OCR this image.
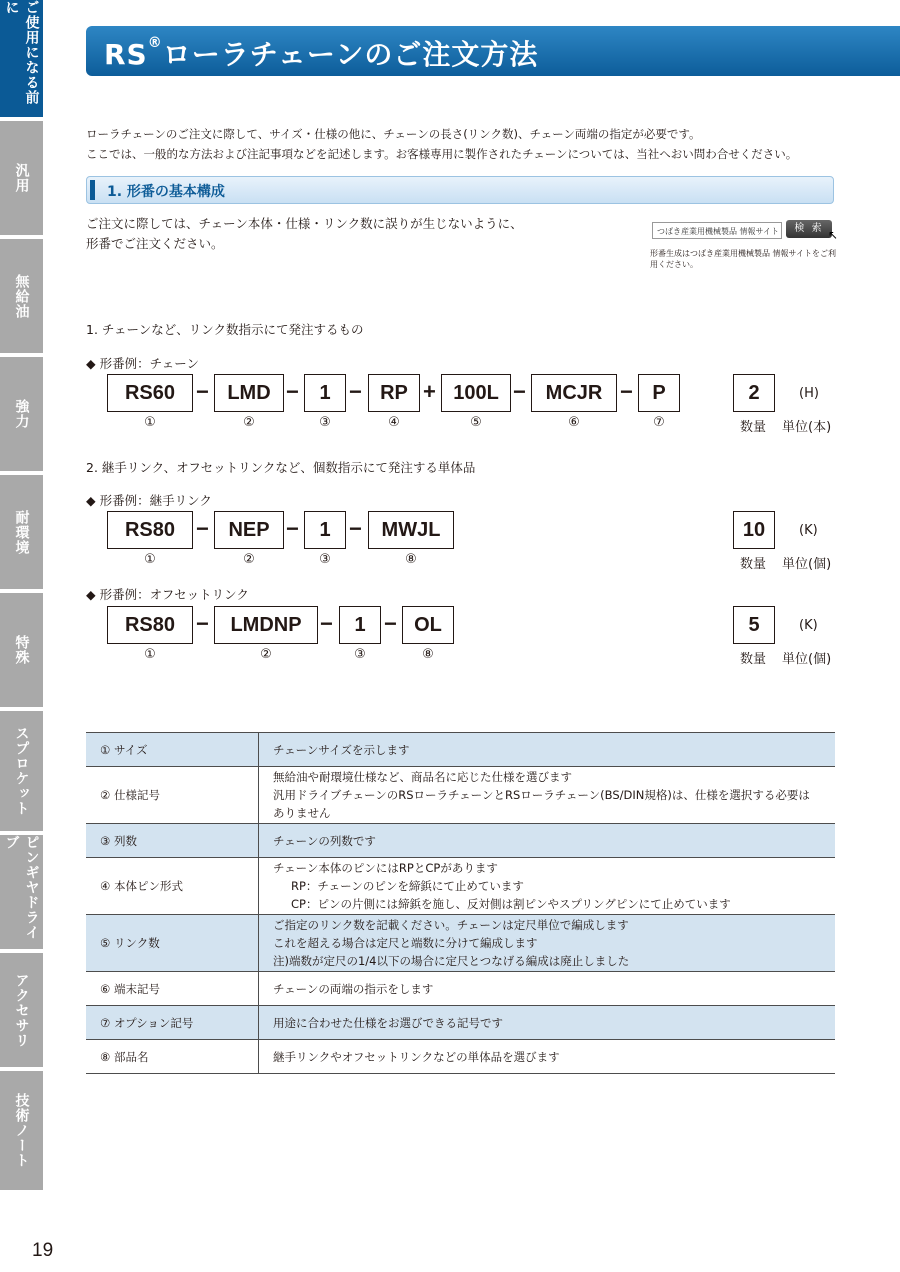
ご使用になる前に
汎用
無給油
強力
耐環境
特殊
スプロケット
ピンギヤドライブ
アクセサリ
技術ノート
19
RS®ローラチェーンのご注文方法
ローラチェーンのご注文に際して、サイズ・仕様の他に、チェーンの長さ(リンク数)、チェーン両端の指定が必要です。
ここでは、一般的な方法および注記事項などを記述します。お客様専用に製作されたチェーンについては、当社へおい問わ合せください。
1. 形番の基本構成
ご注文に際しては、チェーン本体・仕様・リンク数に誤りが生じないように、
形番でご注文ください。
つばき産業用機械製品 情報サイト	検 索 ↖
形番生成はつばき産業用機械製品 情報サイトをご利用ください。
1. チェーンなど、リンク数指示にて発注するもの
◆ 形番例：チェーン
RS60 − LMD −	1 − RP + 100L − MCJR − P	2	(H)
①	②	③	④	⑤	⑥	⑦	数量 単位(本)
2. 継手リンク、オフセットリンクなど、個数指示にて発注する単体品
◆ 形番例：継手リンク
RS80 − NEP −	1 − MWJL	10	(K)
①	②	③	⑧	数量 単位(個)
◆ 形番例：オフセットリンク
RS80 −	LMDNP −	1 − OL	5	(K)
①	②	③	⑧	数量 単位(個)
① サイズ	チェーンサイズを示します

② 仕様記号	無給油や耐環境仕様など、商品名に応じた仕様を選びます
汎用ドライブチェーンのRSローラチェーンとRSローラチェーン(BS/DIN規格)は、仕様を選択する必要は
ありません

③ 列数	チェーンの列数です

④ 本体ピン形式	チェーン本体のピンにはRPとCPがあります
RP：チェーンのピンを締鋲にて止めています
CP：ピンの片側には締鋲を施し、反対側は割ピンやスプリングピンにて止めています

⑤ リンク数	ご指定のリンク数を記載ください。チェーンは定尺単位で編成します
これを超える場合は定尺と端数に分けて編成します
注)端数が定尺の1/4以下の場合に定尺とつなげる編成は廃止しました

⑥ 端末記号	チェーンの両端の指示をします

⑦ オプション記号	用途に合わせた仕様をお選びできる記号です

⑧ 部品名	継手リンクやオフセットリンクなどの単体品を選びます
